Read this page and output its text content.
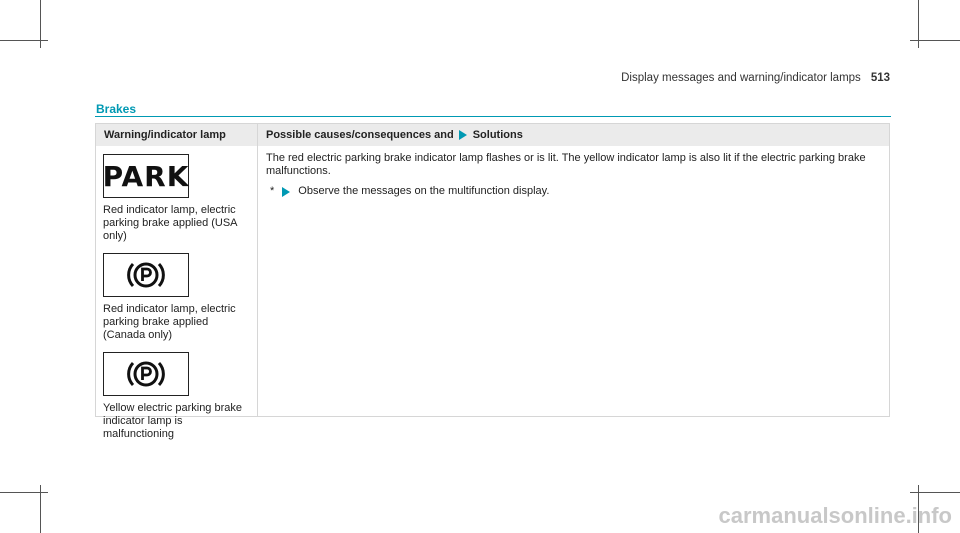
Display messages and warning/indicator lamps 513
Brakes
Warning/indicator lamp	Possible causes/consequences and Solutions
PARK
Red indicator lamp, electric parking brake applied (USA only)
Red indicator lamp, electric parking brake applied (Canada only)
Yellow electric parking brake indicator lamp is malfunctioning
The red electric parking brake indicator lamp flashes or is lit. The yellow indicator lamp is also lit if the electric parking brake malfunctions.
* Observe the messages on the multifunction display.
carmanualsonline.info
